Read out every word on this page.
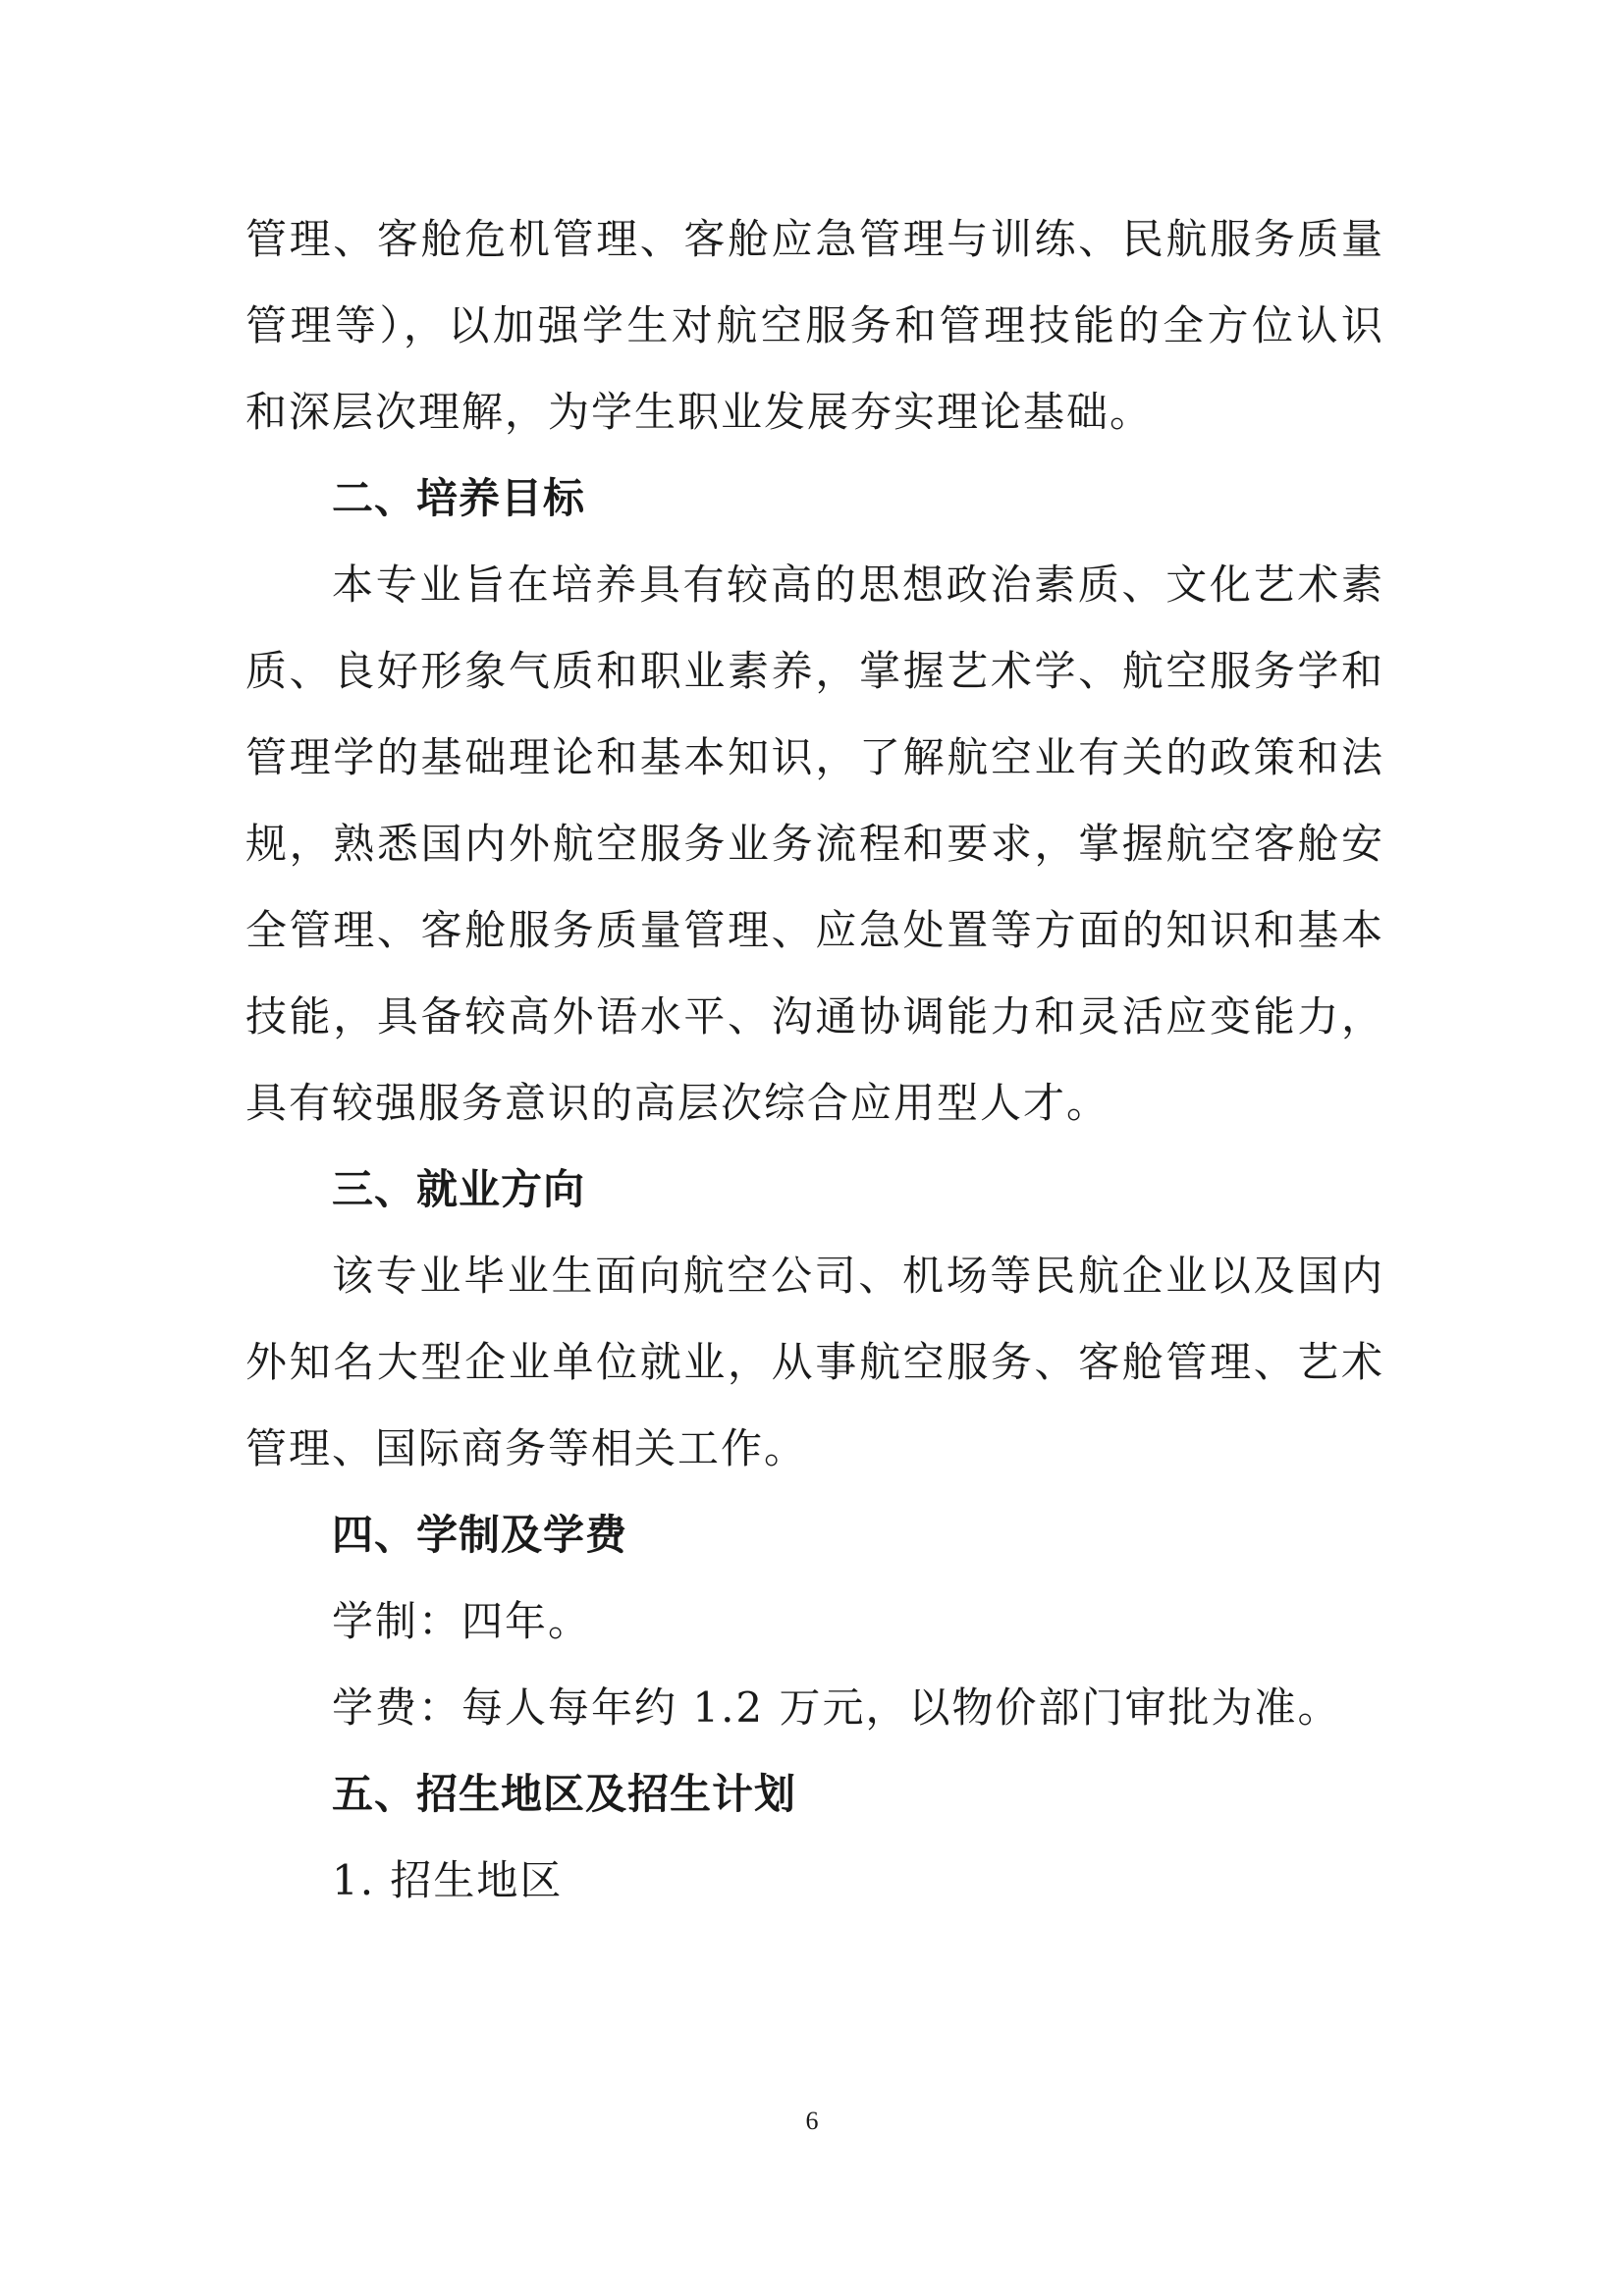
管理、客舱危机管理、客舱应急管理与训练、民航服务质量
管理等），以加强学生对航空服务和管理技能的全方位认识
和深层次理解，为学生职业发展夯实理论基础。
二、培养目标
本专业旨在培养具有较高的思想政治素质、文化艺术素
质、良好形象气质和职业素养，掌握艺术学、航空服务学和
管理学的基础理论和基本知识，了解航空业有关的政策和法
规，熟悉国内外航空服务业务流程和要求，掌握航空客舱安
全管理、客舱服务质量管理、应急处置等方面的知识和基本
技能，具备较高外语水平、沟通协调能力和灵活应变能力，
具有较强服务意识的高层次综合应用型人才。
三、就业方向
该专业毕业生面向航空公司、机场等民航企业以及国内
外知名大型企业单位就业，从事航空服务、客舱管理、艺术
管理、国际商务等相关工作。
四、学制及学费
学制：四年。
学费：每人每年约 1.2 万元，以物价部门审批为准。
五、招生地区及招生计划
1. 招生地区
6
